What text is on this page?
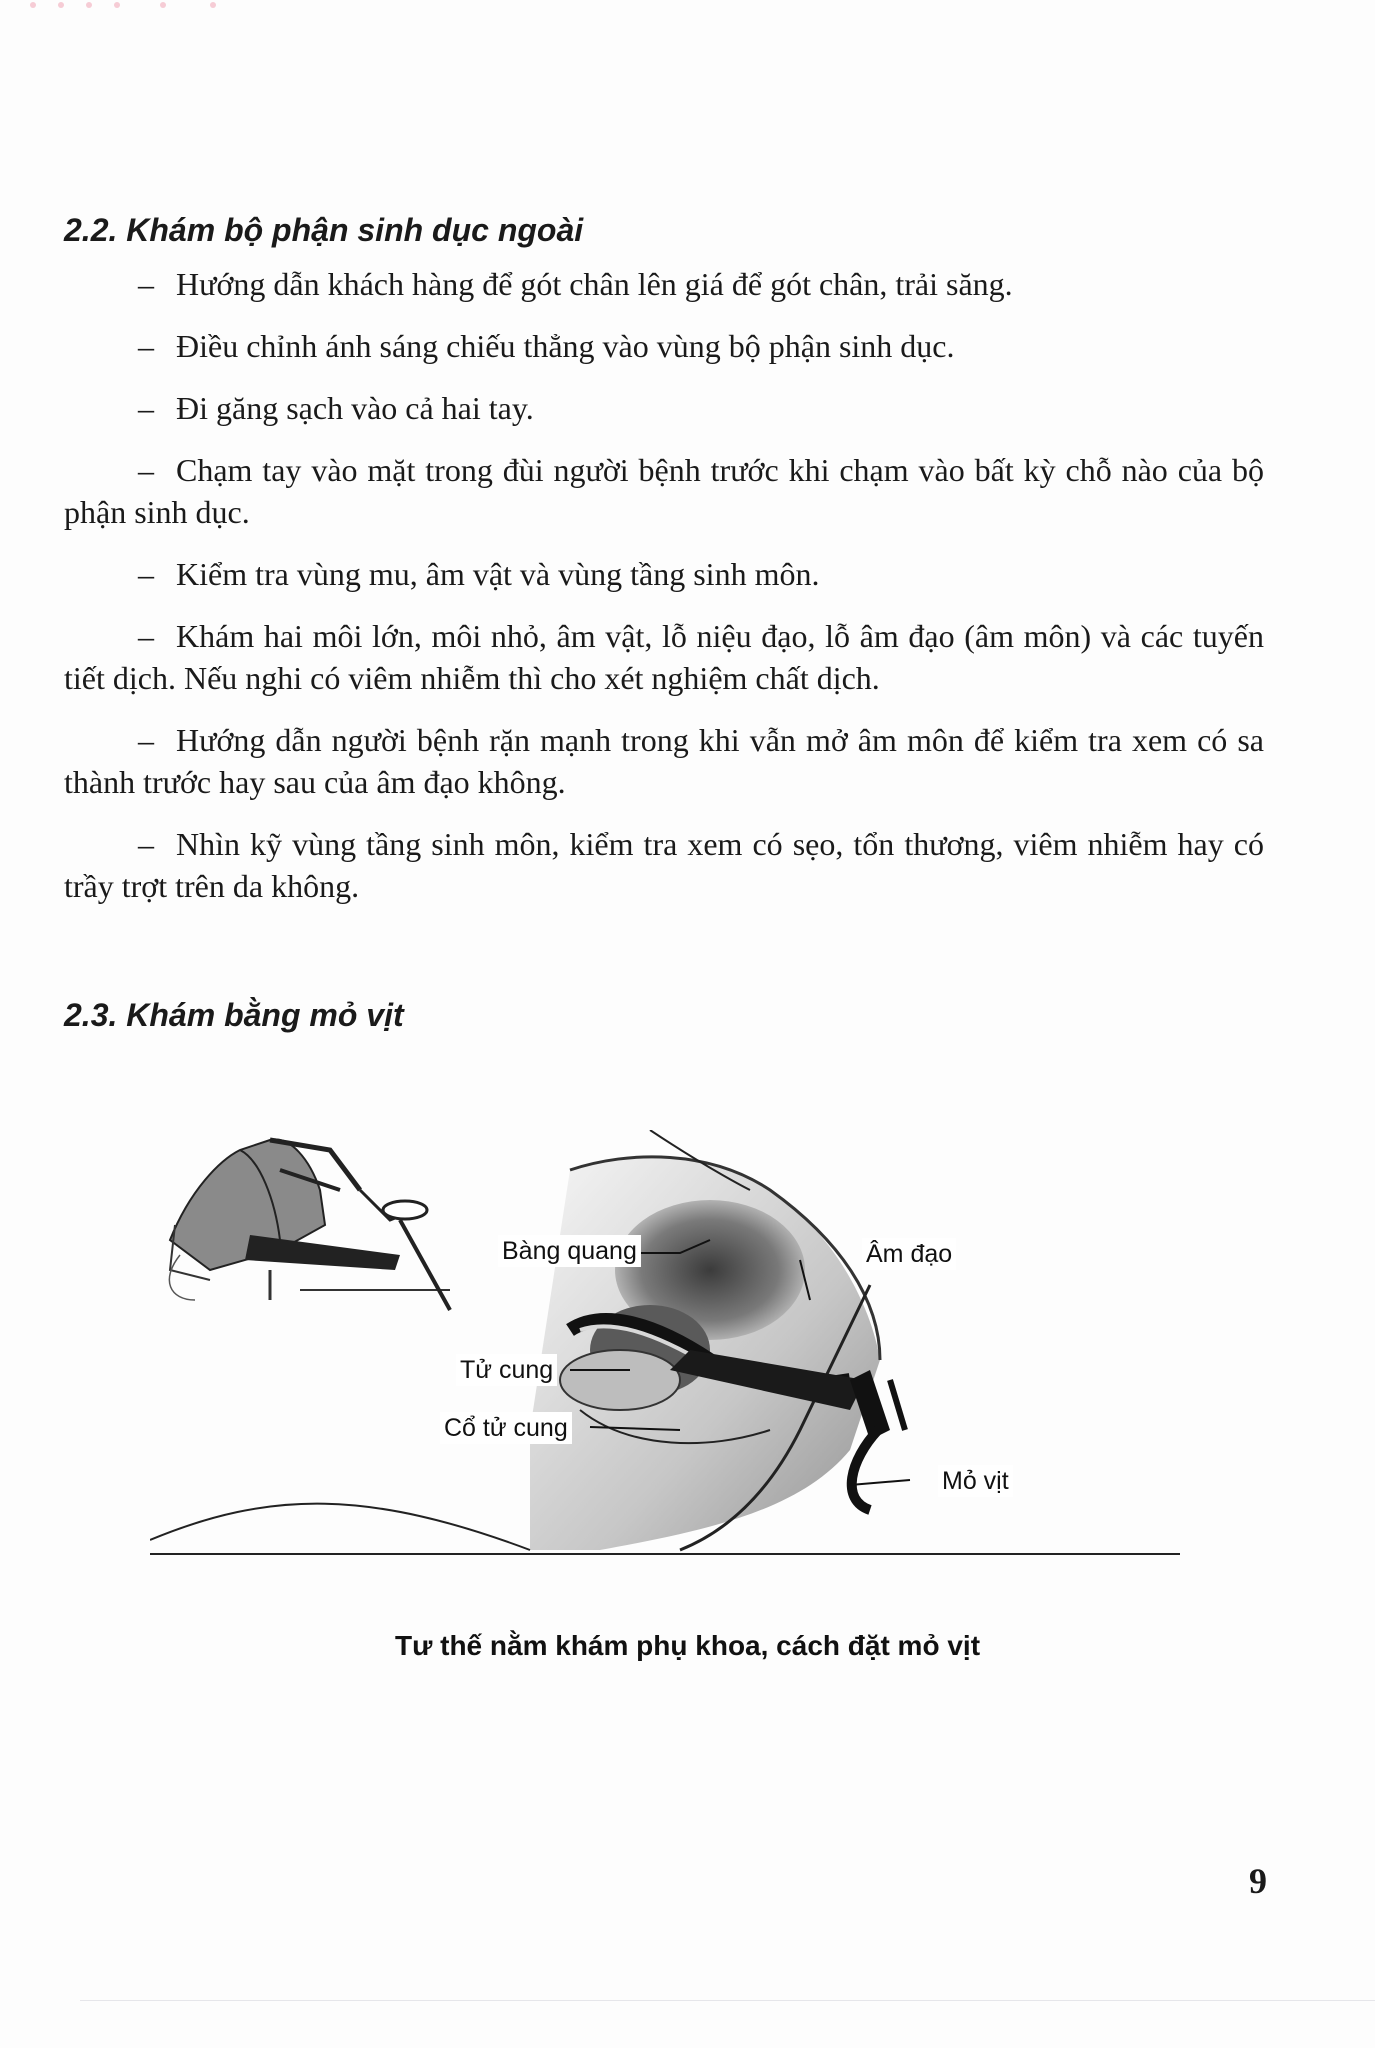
2.2. Khám bộ phận sinh dục ngoài

– Hướng dẫn khách hàng để gót chân lên giá để gót chân, trải săng.

– Điều chỉnh ánh sáng chiếu thẳng vào vùng bộ phận sinh dục.

– Đi găng sạch vào cả hai tay.

– Chạm tay vào mặt trong đùi người bệnh trước khi chạm vào bất kỳ chỗ nào của bộ phận sinh dục.

– Kiểm tra vùng mu, âm vật và vùng tầng sinh môn.

– Khám hai môi lớn, môi nhỏ, âm vật, lỗ niệu đạo, lỗ âm đạo (âm môn) và các tuyến tiết dịch. Nếu nghi có viêm nhiễm thì cho xét nghiệm chất dịch.

– Hướng dẫn người bệnh rặn mạnh trong khi vẫn mở âm môn để kiểm tra xem có sa thành trước hay sau của âm đạo không.

– Nhìn kỹ vùng tầng sinh môn, kiểm tra xem có sẹo, tổn thương, viêm nhiễm hay có trầy trợt trên da không.

2.3. Khám bằng mỏ vịt
Bàng quang	Âm đạo
Tử cung
Cổ tử cung
Mỏ vịt
Tư thế nằm khám phụ khoa, cách đặt mỏ vịt
9
